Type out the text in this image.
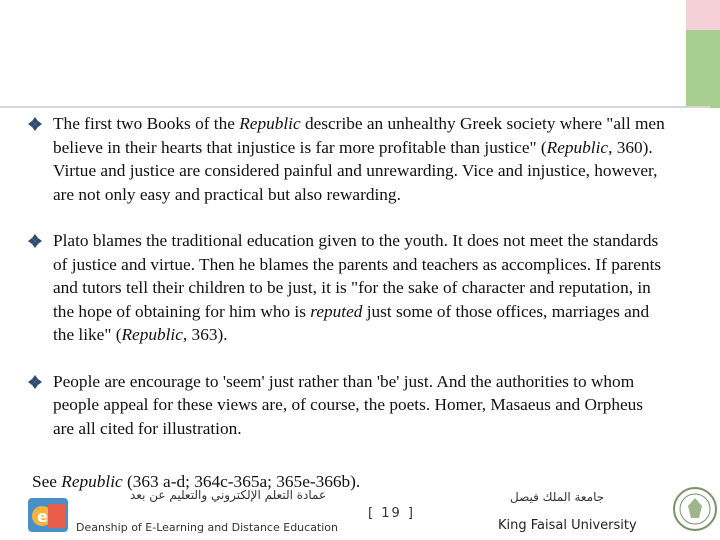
The first two Books of the Republic describe an unhealthy Greek society where "all men believe in their hearts that injustice is far more profitable than justice" (Republic, 360). Virtue and justice are considered painful and unrewarding. Vice and injustice, however, are not only easy and practical but also rewarding.

Plato blames the traditional education given to the youth. It does not meet the standards of justice and virtue. Then he blames the parents and teachers as accomplices. If parents and tutors tell their children to be just, it is "for the sake of character and reputation, in the hope of obtaining for him who is reputed just some of those offices, marriages and the like" (Republic, 363).

People are encourage to 'seem' just rather than 'be' just. And the authorities to whom people appeal for these views are, of course, the poets. Homer, Masaeus and Orpheus are all cited for illustration.

See Republic (363 a-d; 364c-365a; 365e-366b).
e
عمادة التعلم الإلكتروني والتعليم عن بعد
Deanship of E-Learning and Distance Education
[ 19 ]
جامعة الملك فيصل
King Faisal University
